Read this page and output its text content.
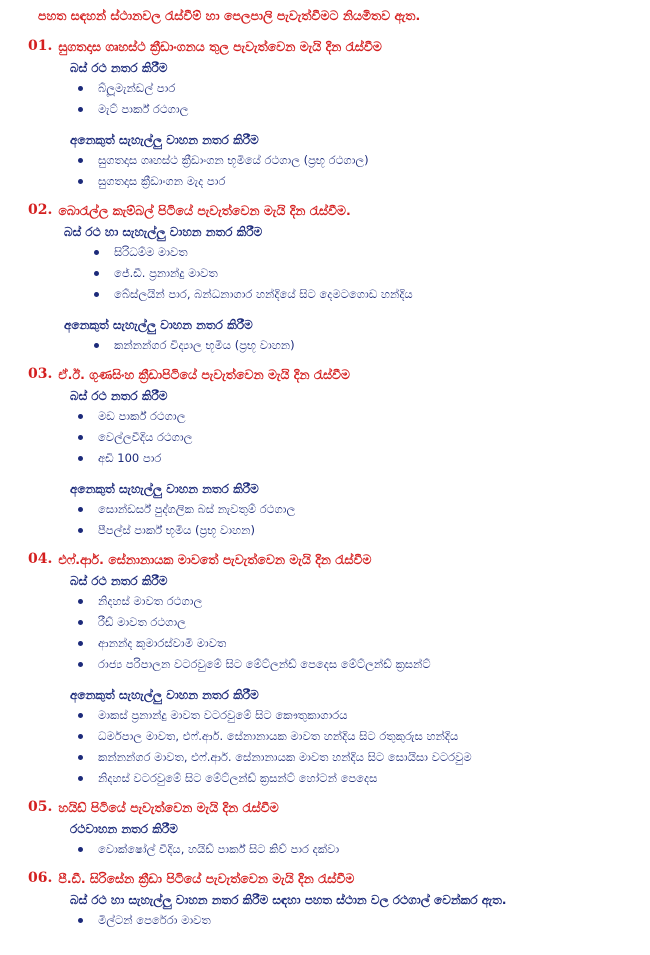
පහත සඳහන් ස්ථානවල රැස්වීම් හා පෙලපාලි පැවැත්වීමට නියමිතව ඇත.

01. සුගතදාස ගෘහස්ථ ක්‍රීඩාංගනය තුල පැවැත්වෙන මැයි දින රැස්වීම
බස් රථ නතර කිරීම
බ්ලූමැන්ඩල් පාර
මැට් පාර්ක් රථගාල
අනෙකුත් සැහැල්ලු වාහන නතර කිරීම
සුගතදාස ගෘහස්ථ ක්‍රීඩාංගන භූමියේ රථගාල (ප්‍රභූ රථගාල)
සුගතදාස ක්‍රීඩාංගන මැද පාර
02. බොරැල්ල කැම්බල් පිටියේ පැවැත්වෙන මැයි දින රැස්වීම.
බස් රථ හා සැහැල්ලු වාහන නතර කිරීම
සිරිධම්ම මාවත
ජේ.ඩී. ප්‍රනාන්දු මාවත
බේස්ලයින් පාර, බන්ධනාගාර හන්දියේ සිට දෙමටගොඩ හන්දිය
අනෙකුත් සැහැල්ලු වාහන නතර කිරීම
කන්නන්ගර විද්‍යාල භූමිය (ප්‍රභූ වාහන)
03. ඒ.ඊ. ගුණසිංහ ක්‍රීඩාපිටියේ පැවැත්වෙන මැයි දින රැස්වීම
බස් රථ නතර කිරීම
මඩ පාර්ක් රථගාල
වෙල්ලවීදිය රථගාල
අඩි 100 පාර
අනෙකුත් සැහැල්ලු වාහන නතර කිරීම
සොන්ඩර්ස් පුද්ගලික බස් නැවතුම් රථගාල
පීපල්ස් පාර්ක් භූමිය (ප්‍රභූ වාහන)
04. එෆ්.ආර්. සේනානායක මාවතේ පැවැත්වෙන මැයි දින රැස්වීම
බස් රථ නතර කිරීම
නිදහස් මාවත රථගාල
රීඩ් මාවත රථගාල
ආනන්ද කුමාරස්වාමි මාවත
රාජ්‍ය පරිපාලන වටරවුමේ සිට මේට්ලන්ඩ් පෙදෙස මේට්ලන්ඩ් ක්‍රසන්ට්
අනෙකුත් සැහැල්ලු වාහන නතර කිරීම
මාකස් ප්‍රනාන්දු මාවත වටරවුමේ සිට කෞතුකාගාරය
ධර්මපාල මාවත, එෆ්.ආර්. සේනානායක මාවත හන්දිය සිට රතුකුරුස හන්දිය
කන්නන්ගර මාවත, එෆ්.ආර්. සේනානායක මාවත හන්දිය සිට සොයිසා වටරවුම
නිදහස් වටරවුමේ සිට මේට්ලන්ඩ් ක්‍රසන්ට් හෝටන් පෙදෙස
05. හයිඩ් පිටියේ පැවැත්වෙන මැයි දින රැස්වීම
රථවාහන නතර කිරීම
වොක්ෂෝල් වීදිය, හයිඩ් පාර්ක් සිට කිව් පාර දක්වා
06. පී.ඩී. සිරිසේන ක්‍රීඩා පිටියේ පැවැත්වෙන මැයි දින රැස්වීම
බස් රථ හා සැහැල්ලු වාහන නතර කිරීම සඳහා පහත ස්ථාන වල රථගාල් වෙන්කර ඇත.
මිල්ටන් පෙරේරා මාවත
